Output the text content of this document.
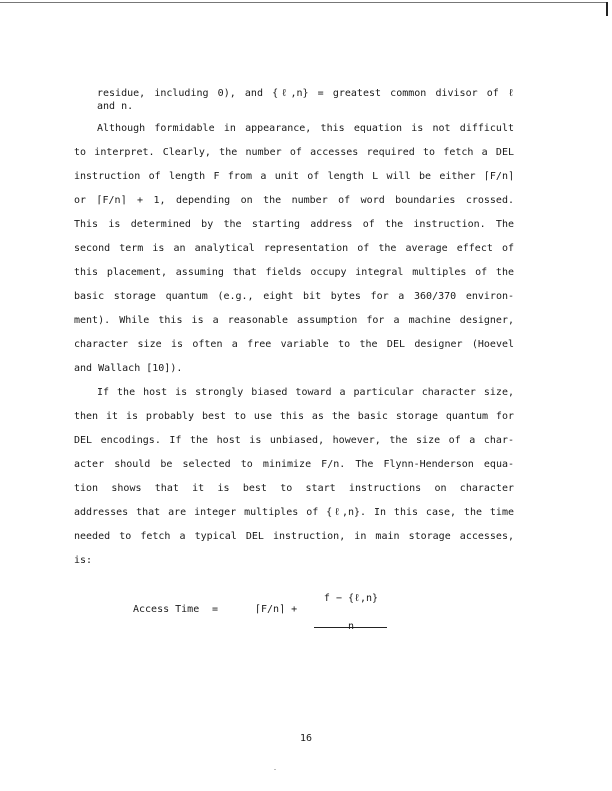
residue, including 0), and {ℓ,n} = greatest common divisor of ℓ
and n.
Although formidable in appearance, this equation is not difficult
to interpret. Clearly, the number of accesses required to fetch a DEL
instruction of length F from a unit of length L will be either ⌈F/n⌉
or ⌈F/n⌉ + 1, depending on the number of word boundaries crossed.
This is determined by the starting address of the instruction. The
second term is an analytical representation of the average effect of
this placement, assuming that fields occupy integral multiples of the
basic storage quantum (e.g., eight bit bytes for a 360/370 environ-
ment). While this is a reasonable assumption for a machine designer,
character size is often a free variable to the DEL designer (Hoevel
and Wallach [10]).
If the host is strongly biased toward a particular character size,
then it is probably best to use this as the basic storage quantum for
DEL encodings. If the host is unbiased, however, the size of a char-
acter should be selected to minimize F/n. The Flynn-Henderson equa-
tion shows that it is best to start instructions on character
addresses that are integer multiples of {ℓ,n}. In this case, the time
needed to fetch a typical DEL instruction, in main storage accesses,
is:
Access Time =	⌈F/n⌉ +
f − {ℓ,n}
n
16
